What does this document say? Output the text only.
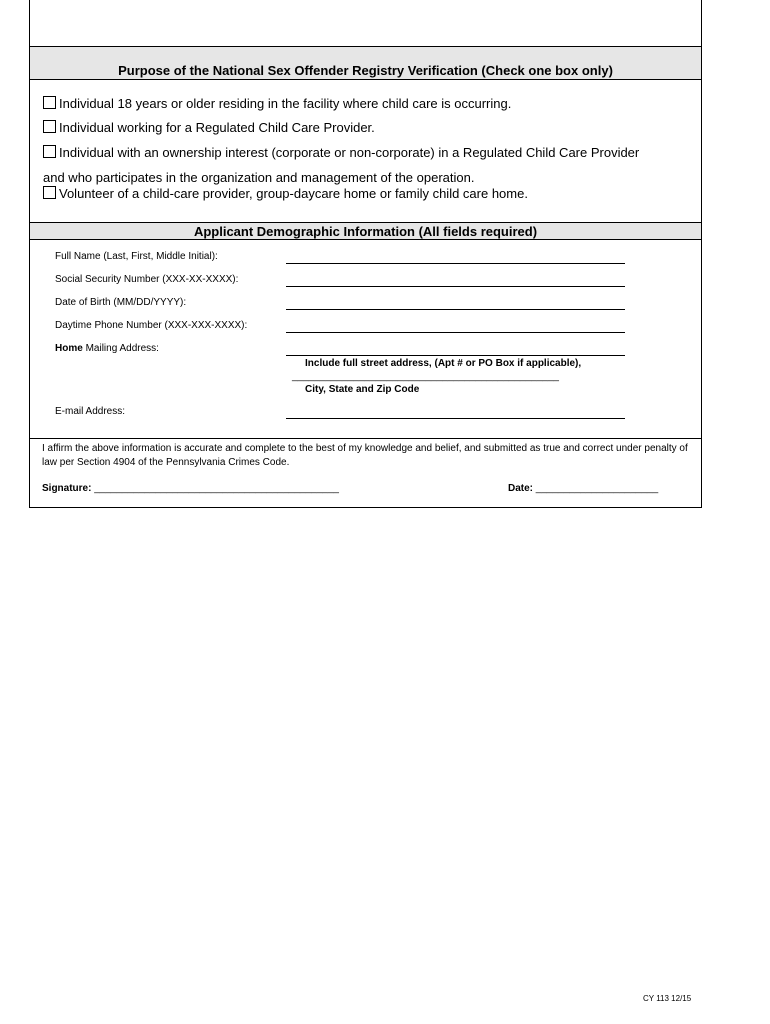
Purpose of the National Sex Offender Registry Verification (Check one box only)
Individual 18 years or older residing in the facility where child care is occurring.
Individual working for a Regulated Child Care Provider.
Individual with an ownership interest (corporate or non-corporate) in a Regulated Child Care Provider
and who participates in the organization and management of the operation.
Volunteer of a child-care provider, group-daycare home or family child care home.
Applicant Demographic Information (All fields required)
Full Name (Last, First, Middle Initial):
Social Security Number (XXX-XX-XXXX):
Date of Birth (MM/DD/YYYY):
Daytime Phone Number (XXX-XXX-XXXX):
Home Mailing Address:
Include full street address, (Apt # or PO Box if applicable),
________________________________________________
City, State and Zip Code
E-mail Address:
I affirm the above information is accurate and complete to the best of my knowledge and belief, and submitted as true and correct under penalty of law per Section 4904 of the Pennsylvania Crimes Code.
Signature: ____________________________________________	Date: ______________________
CY 113 12/15
